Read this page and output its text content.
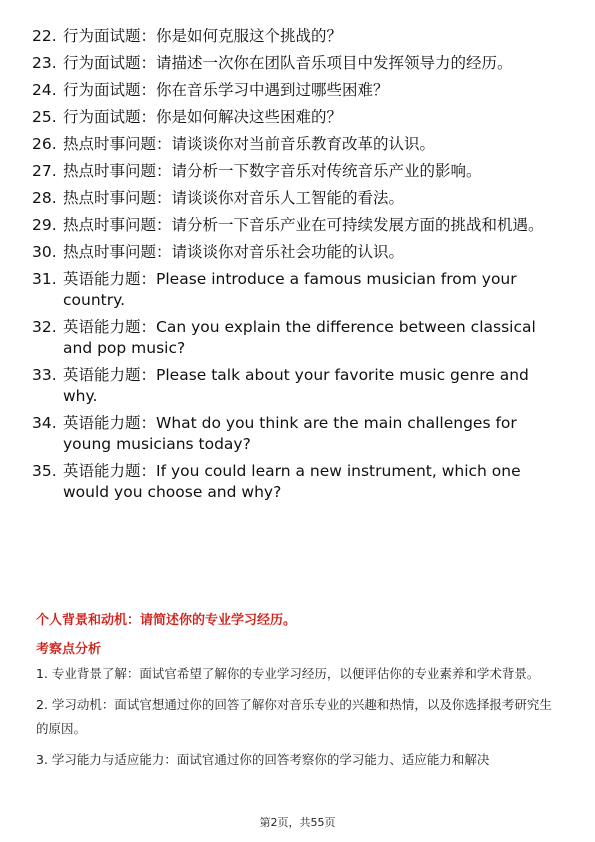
22. 行为面试题：你是如何克服这个挑战的？
23. 行为面试题：请描述一次你在团队音乐项目中发挥领导力的经历。
24. 行为面试题：你在音乐学习中遇到过哪些困难？
25. 行为面试题：你是如何解决这些困难的？
26. 热点时事问题：请谈谈你对当前音乐教育改革的认识。
27. 热点时事问题：请分析一下数字音乐对传统音乐产业的影响。
28. 热点时事问题：请谈谈你对音乐人工智能的看法。
29. 热点时事问题：请分析一下音乐产业在可持续发展方面的挑战和机遇。
30. 热点时事问题：请谈谈你对音乐社会功能的认识。
31. 英语能力题：Please introduce a famous musician from your country.
32. 英语能力题：Can you explain the difference between classical and pop music?
33. 英语能力题：Please talk about your favorite music genre and why.
34. 英语能力题：What do you think are the main challenges for young musicians today?
35. 英语能力题：If you could learn a new instrument, which one would you choose and why?
个人背景和动机：请简述你的专业学习经历。
考察点分析

1. 专业背景了解：面试官希望了解你的专业学习经历，以便评估你的专业素养和学术背景。

2. 学习动机：面试官想通过你的回答了解你对音乐专业的兴趣和热情，以及你选择报考研究生的原因。

3. 学习能力与适应能力：面试官通过你的回答考察你的学习能力、适应能力和解决

第2页，共55页
